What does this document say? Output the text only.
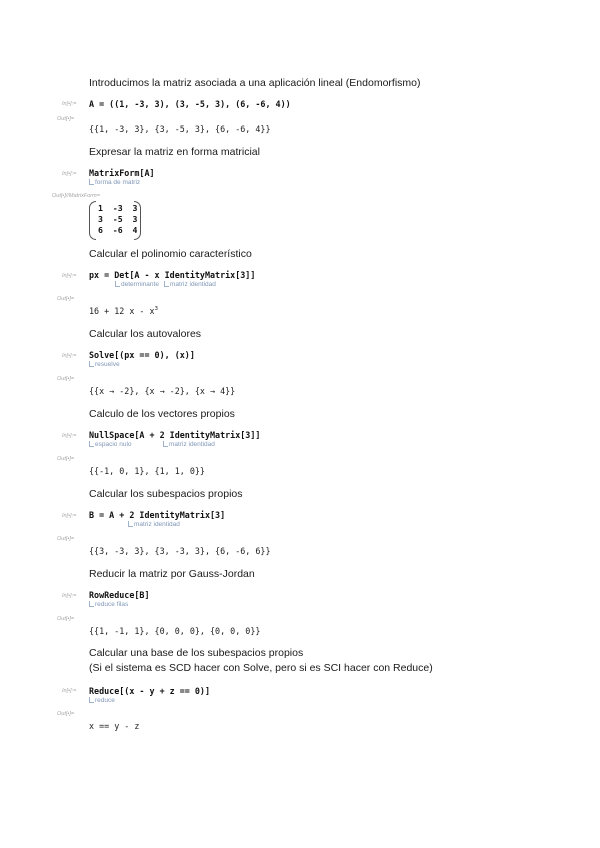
Introducimos la matriz asociada a una aplicación lineal (Endomorfismo)
In[•]:= A = ((1, -3, 3), (3, -5, 3), (6, -6, 4))
Out[•]=
{{1, -3, 3}, {3, -5, 3}, {6, -6, 4}}
Expresar la matriz en forma matricial
In[•]:= MatrixForm[A]
forma de matriz
Out[•]//MatrixForm=
1 -3 3
3 -5 3
6 -6 4
Calcular el polinomio característico
In[•]:= px = Det[A - x IdentityMatrix[3]]
determinante	matriz identidad
Out[•]=
16 + 12 x - $x^3$
Calcular los autovalores
In[•]:= Solve[(px == 0), (x)]
resuelve
Out[•]=
{{x → -2}, {x → -2}, {x → 4}}
Calculo de los vectores propios
In[•]:= NullSpace[A + 2 IdentityMatrix[3]]
espacio nulo	matriz identidad
Out[•]=
{{-1, 0, 1}, {1, 1, 0}}
Calcular los subespacios propios
In[•]:= B = A + 2 IdentityMatrix[3]
matriz identidad
Out[•]=
{{3, -3, 3}, {3, -3, 3}, {6, -6, 6}}
Reducir la matriz por Gauss-Jordan
In[•]:= RowReduce[B]
reduce filas
Out[•]=
{{1, -1, 1}, {0, 0, 0}, {0, 0, 0}}
Calcular una base de los subespacios propios
(Si el sistema es SCD hacer con Solve, pero si es SCI hacer con Reduce)
In[•]:= Reduce[(x - y + z == 0)]
reduce
Out[•]=
x == y - z
